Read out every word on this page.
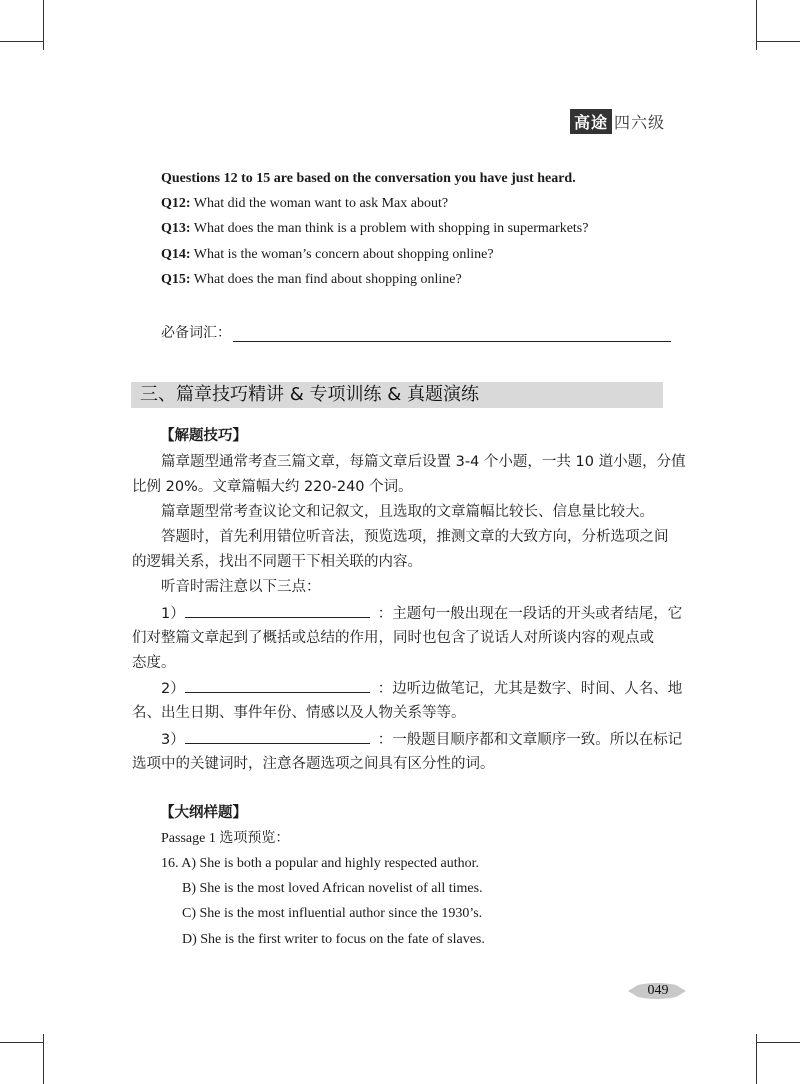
高途 四六级
Questions 12 to 15 are based on the conversation you have just heard.
Q12: What did the woman want to ask Max about?
Q13: What does the man think is a problem with shopping in supermarkets?
Q14: What is the woman’s concern about shopping online?
Q15: What does the man find about shopping online?
必备词汇：
三、篇章技巧精讲 & 专项训练 & 真题演练
【解题技巧】
篇章题型通常考查三篇文章，每篇文章后设置 3-4 个小题，一共 10 道小题，分值
比例 20%。文章篇幅大约 220-240 个词。
篇章题型常考查议论文和记叙文，且选取的文章篇幅比较长、信息量比较大。
答题时，首先利用错位听音法，预览选项，推测文章的大致方向，分析选项之间
的逻辑关系，找出不同题干下相关联的内容。
听音时需注意以下三点：
1）	：主题句一般出现在一段话的开头或者结尾，它
们对整篇文章起到了概括或总结的作用，同时也包含了说话人对所谈内容的观点或
态度。
2）	：边听边做笔记，尤其是数字、时间、人名、地
名、出生日期、事件年份、情感以及人物关系等等。
3）	：一般题目顺序都和文章顺序一致。所以在标记
选项中的关键词时，注意各题选项之间具有区分性的词。
【大纲样题】
Passage 1 选项预览：
16. A) She is both a popular and highly respected author.
B) She is the most loved African novelist of all times.
C) She is the most influential author since the 1930’s.
D) She is the first writer to focus on the fate of slaves.
049
